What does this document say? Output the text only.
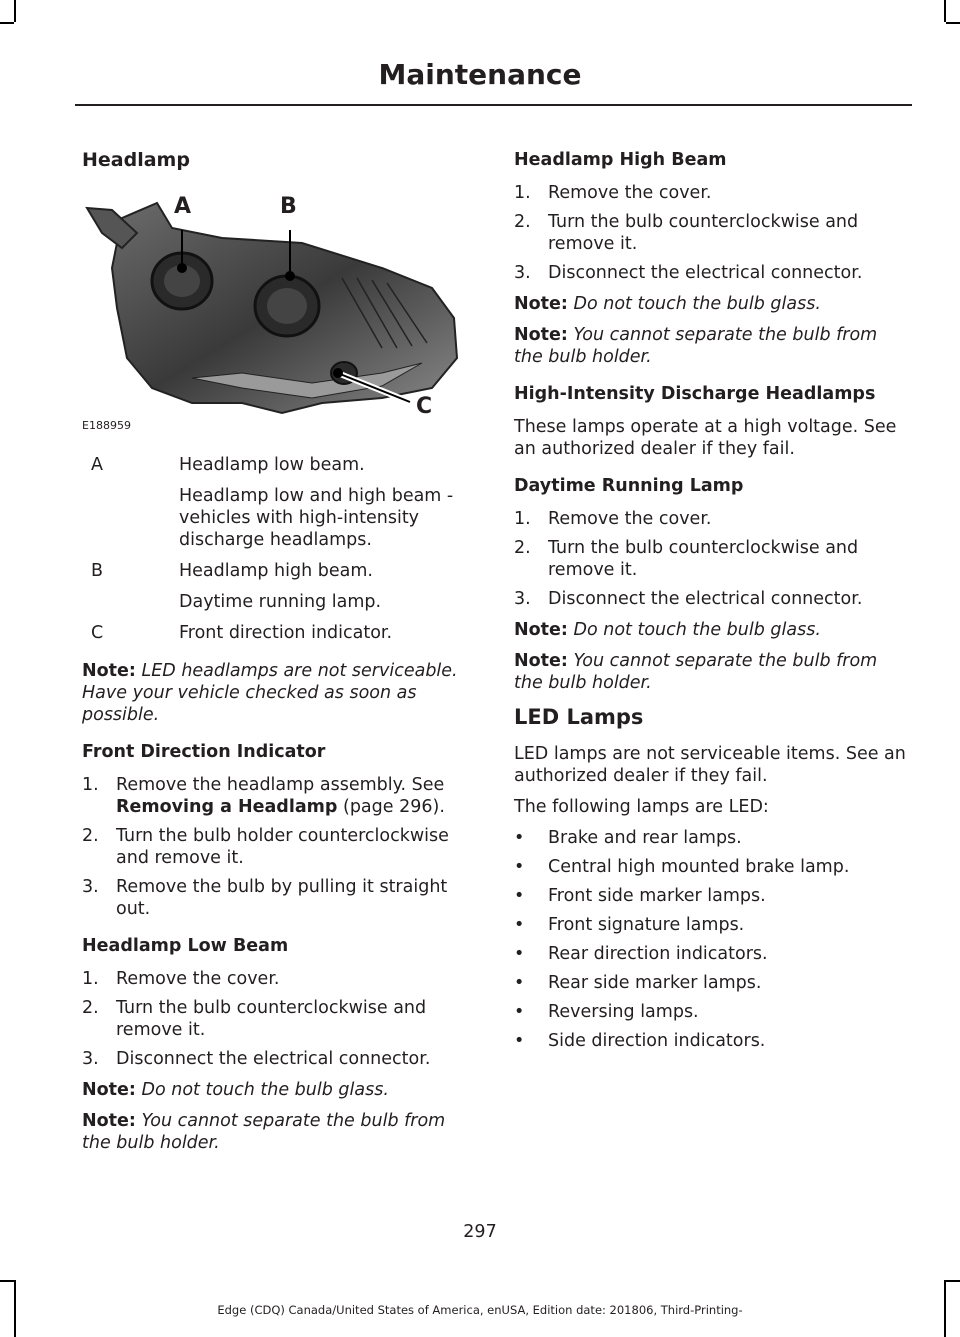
Maintenance
Headlamp
A	B
C
E188959
A	Headlamp low beam.
Headlamp low and high beam - vehicles with high-intensity discharge headlamps.

B	Headlamp high beam.
Daytime running lamp.

C	Front direction indicator.

Note: LED headlamps are not serviceable. Have your vehicle checked as soon as possible.

Front Direction Indicator
1. Remove the headlamp assembly. See Removing a Headlamp (page 296).
2. Turn the bulb holder counterclockwise and remove it.
3. Remove the bulb by pulling it straight out.
Headlamp Low Beam
1. Remove the cover.
2. Turn the bulb counterclockwise and remove it.
3. Disconnect the electrical connector.

Note: Do not touch the bulb glass.

Note: You cannot separate the bulb from the bulb holder.

Headlamp High Beam
1. Remove the cover.
2. Turn the bulb counterclockwise and remove it.
3. Disconnect the electrical connector.

Note: Do not touch the bulb glass.

Note: You cannot separate the bulb from the bulb holder.

High-Intensity Discharge Headlamps

These lamps operate at a high voltage. See an authorized dealer if they fail.

Daytime Running Lamp
1. Remove the cover.
2. Turn the bulb counterclockwise and remove it.
3. Disconnect the electrical connector.

Note: Do not touch the bulb glass.

Note: You cannot separate the bulb from the bulb holder.

LED Lamps

LED lamps are not serviceable items. See an authorized dealer if they fail.

The following lamps are LED:

• Brake and rear lamps.
• Central high mounted brake lamp.
• Front side marker lamps.
• Front signature lamps.
• Rear direction indicators.
• Rear side marker lamps.
• Reversing lamps.
• Side direction indicators.
297
Edge (CDQ) Canada/United States of America, enUSA, Edition date: 201806, Third-Printing-
